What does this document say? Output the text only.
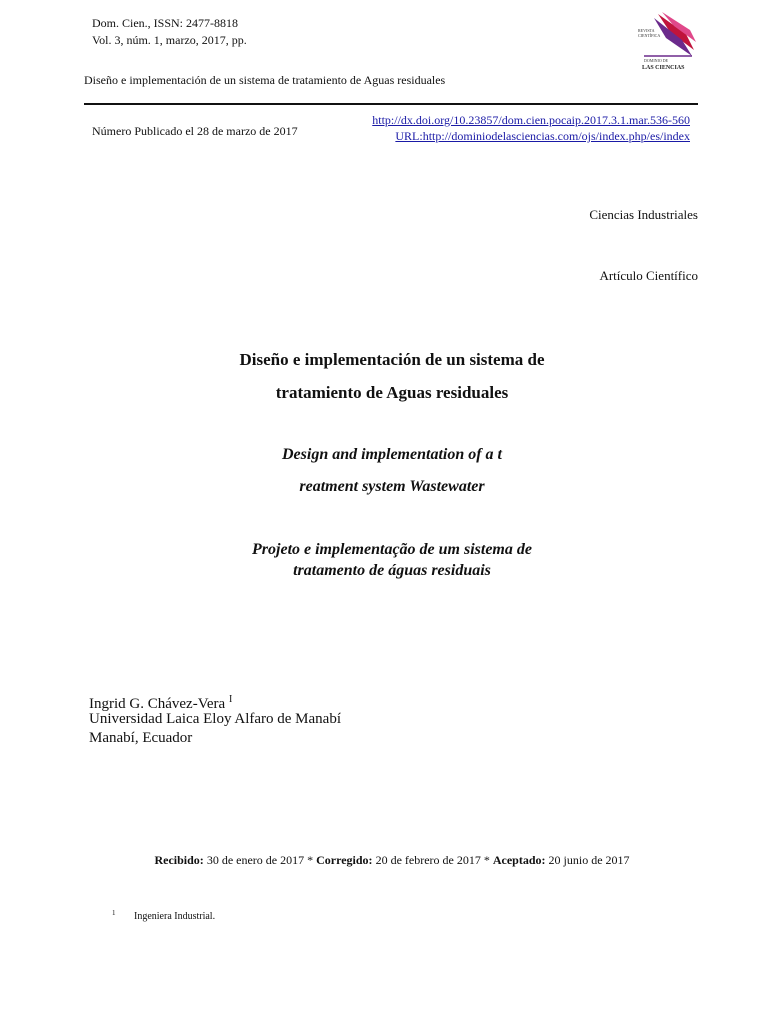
Dom. Cien., ISSN: 2477-8818
Vol. 3, núm. 1, marzo, 2017, pp.
Diseño e implementación de un sistema de tratamiento de Aguas residuales
REVISTA CIENTÍFICA
DOMINIO DE
LAS CIENCIAS
Número Publicado el 28 de marzo de 2017
http://dx.doi.org/10.23857/dom.cien.pocaip.2017.3.1.mar.536-560
URL:http://dominiodelasciencias.com/ojs/index.php/es/index
Ciencias Industriales
Artículo Científico
Diseño e implementación de un sistema de
tratamiento de Aguas residuales
Design and implementation of a t
reatment system Wastewater
Projeto e implementação de um sistema de
tratamento de águas residuais
Ingrid G. Chávez-Vera $^I$
Universidad Laica Eloy Alfaro de Manabí
Manabí, Ecuador
Recibido: 30 de enero de 2017 * Corregido: 20 de febrero de 2017 * Aceptado: 20 junio de 2017
1 Ingeniera Industrial.
